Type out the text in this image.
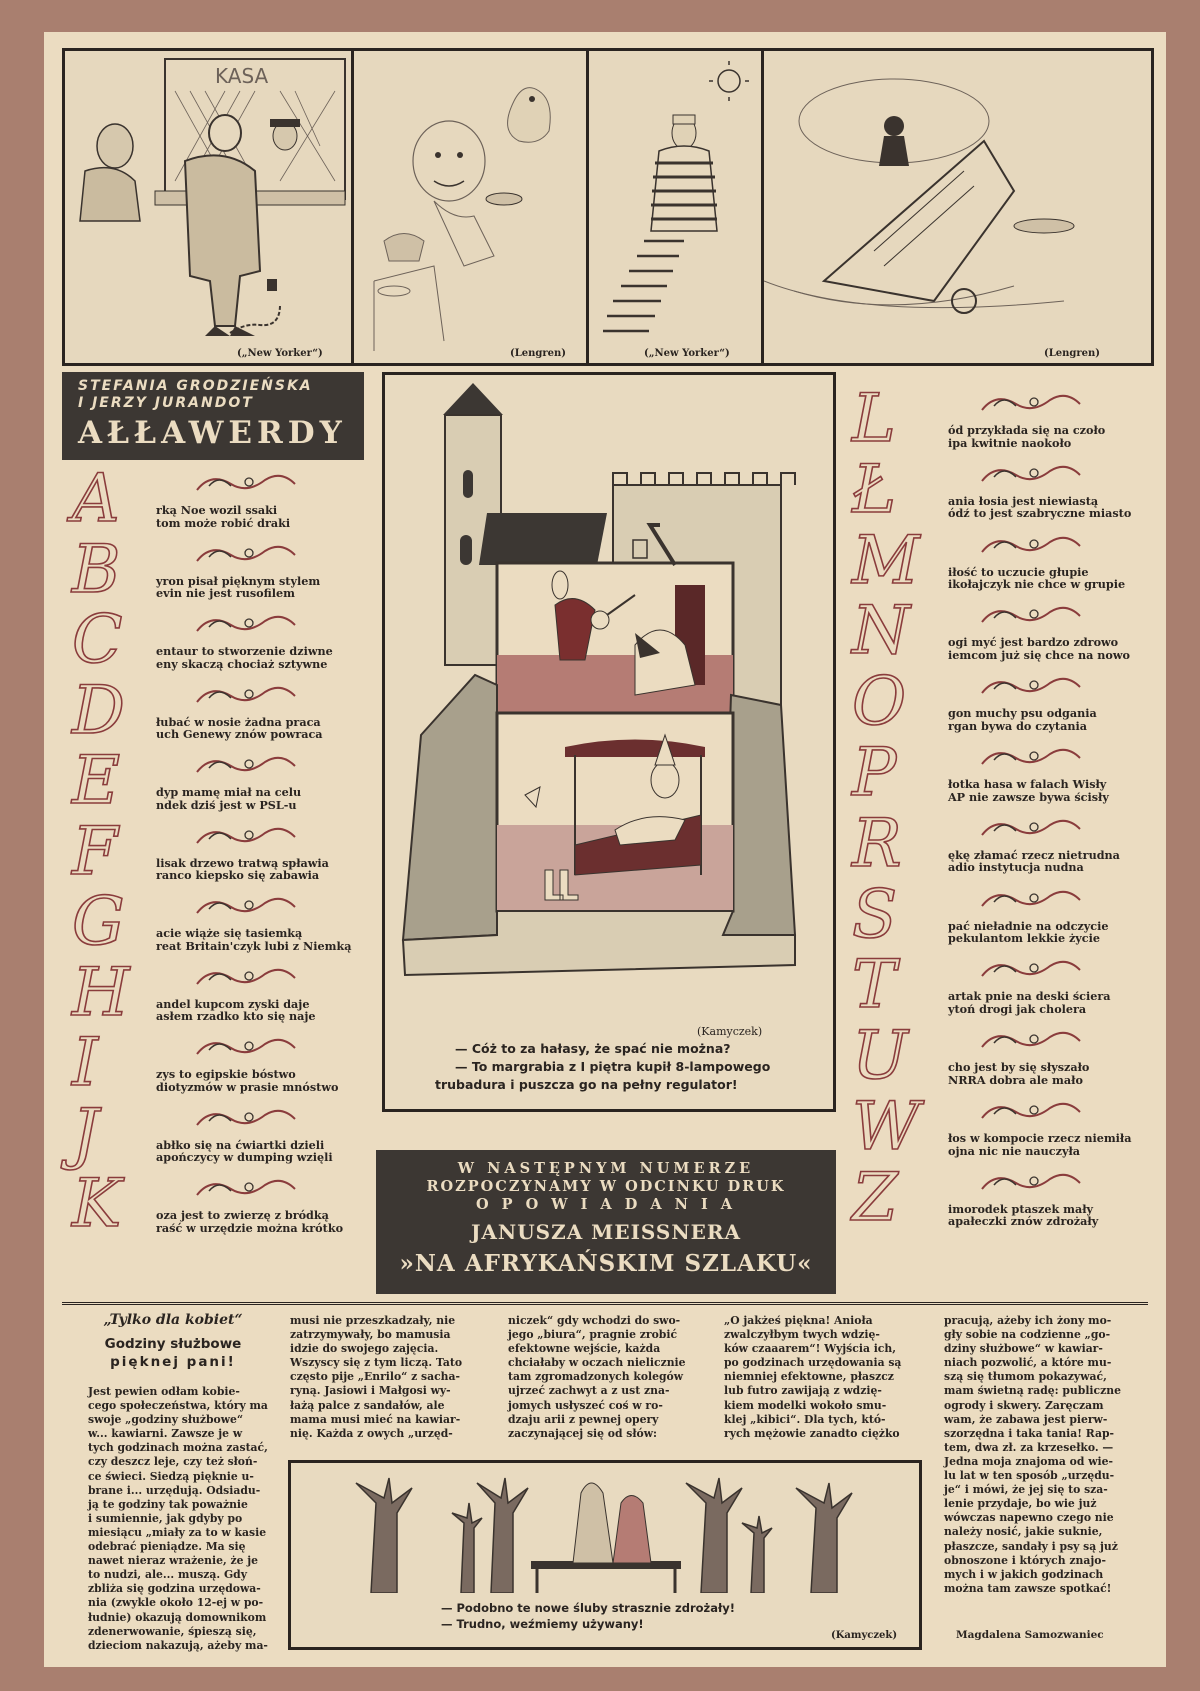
KASA
(„New Yorker“)	(Lengren)	(„New Yorker“)	(Lengren)
STEFANIA GRODZIEŃSKA
I JERZY JURANDOT
AŁŁAWERDY
A	rką Noe wozil ssaki
tom może robić draki
B	yron pisał pięknym stylem
evin nie jest rusofilem
C	entaur to stworzenie dziwne
eny skaczą chociaż sztywne
D	łubać w nosie żadna praca
uch Genewy znów powraca
E	dyp mamę miał na celu
ndek dziś jest w PSL-u
F	lisak drzewo tratwą spławia
ranco kiepsko się zabawia
G	acie wiąże się tasiemką
reat Britain'czyk lubi z Niemką
H andel kupcom zyski daje
asłem rzadko kto się naje
I	zys to egipskie bóstwo
diotyzmów w prasie mnóstwo
J	abłko się na ćwiartki dzieli
apończycy w dumping wzięli
K	oza jest to zwierzę z bródką
raść w urzędzie można krótko
L	ód przykłada się na czoło
ipa kwitnie naokoło
Ł	ania łosia jest niewiastą
ódź to jest szabryczne miasto
M	iłość to uczucie głupie
ikołajczyk nie chce w grupie
N	ogi myć jest bardzo zdrowo
iemcom już się chce na nowo
O	gon muchy psu odgania
rgan bywa do czytania
P	łotka hasa w falach Wisły
AP nie zawsze bywa ścisły
R	ękę złamać rzecz nietrudna
adio instytucja nudna
S	pać nieładnie na odczycie
pekulantom lekkie życie
T	artak pnie na deski ściera
ytoń drogi jak cholera
U	cho jest by się słyszało
NRRA dobra ale mało
W	łos w kompocie rzecz niemiła
ojna nic nie nauczyła
Z	imorodek ptaszek mały
apałeczki znów zdrożały
(Kamyczek)
— Cóż to za hałasy, że spać nie można?
— To margrabia z I piętra kupił 8-lampowego
trubadura i puszcza go na pełny regulator!
W NASTĘPNYM NUMERZE
ROZPOCZYNAMY W ODCINKU DRUK
O P O W I A D A N I A
JANUSZA MEISSNERA
»NA AFRYKAŃSKIM SZLAKU«
„Tylko dla kobiet“
Godziny służbowe
pięknej pani!

Jest pewien odłam kobie-

cego społeczeństwa, który ma

swoje „godziny służbowe“

w... kawiarni. Zawsze je w

tych godzinach można zastać,

czy deszcz leje, czy też słoń-

ce świeci. Siedzą pięknie u-

brane i... urzędują. Odsiadu-

ją te godziny tak poważnie

i sumiennie, jak gdyby po

miesiącu „miały za to w kasie

odebrać pieniądze. Ma się

nawet nieraz wrażenie, że je

to nudzi, ale... muszą. Gdy

zbliża się godzina urzędowa-

nia (zwykle około 12-ej w po-

łudnie) okazują domownikom

zdenerwowanie, śpieszą się,

dzieciom nakazują, ażeby ma-

musi nie przeszkadzały, nie

zatrzymywały, bo mamusia

idzie do swojego zajęcia.

Wszyscy się z tym liczą. Tato

często pije „Enrilo“ z sacha-

ryną. Jasiowi i Małgosi wy-

łażą palce z sandałów, ale

mama musi mieć na kawiar-

nię. Każda z owych „urzęd-

niczek“ gdy wchodzi do swo-

jego „biura“, pragnie zrobić

efektowne wejście, każda

chciałaby w oczach nielicznie

tam zgromadzonych kolegów

ujrzeć zachwyt a z ust zna-

jomych usłyszeć coś w ro-

dzaju arii z pewnej opery

zaczynającej się od słów:

„O jakżeś piękna! Anioła

zwalczyłbym twych wdzię-

ków czaaarem“! Wyjścia ich,

po godzinach urzędowania są

niemniej efektowne, płaszcz

lub futro zawijają z wdzię-

kiem modelki wokoło smu-

klej „kibici“. Dla tych, któ-

rych mężowie zanadto ciężko

pracują, ażeby ich żony mo-

gły sobie na codzienne „go-

dziny służbowe“ w kawiar-

niach pozwolić, a które mu-

szą się tłumom pokazywać,

mam świetną radę: publiczne

ogrody i skwery. Zaręczam

wam, że zabawa jest pierw-

szorzędna i taka tania! Rap-

tem, dwa zł. za krzesełko. —

Jedna moja znajoma od wie-

lu lat w ten sposób „urzędu-

je“ i mówi, że jej się to sza-

lenie przydaje, bo wie już

wówczas napewno czego nie

należy nosić, jakie suknie,

płaszcze, sandały i psy są już

obnoszone i których znajo-

mych i w jakich godzinach

można tam zawsze spotkać!

Magdalena Samozwaniec
— Podobno te nowe śluby strasznie zdrożały!
— Trudno, weźmiemy używany!
(Kamyczek)
